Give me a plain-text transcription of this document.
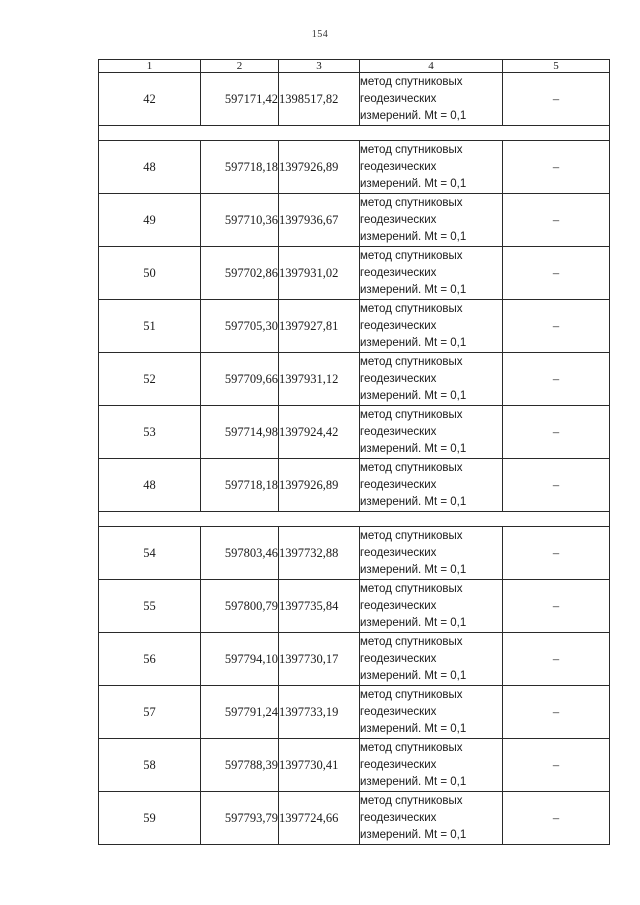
154
1	2	3	4	5
42	597171,42	1398517,82	метод спутниковых
геодезических
измерений. Mt = 0,1	–

48	597718,18	1397926,89	метод спутниковых
геодезических
измерений. Mt = 0,1	–
49	597710,36	1397936,67	метод спутниковых
геодезических
измерений. Mt = 0,1	–
50	597702,86	1397931,02	метод спутниковых
геодезических
измерений. Mt = 0,1	–
51	597705,30	1397927,81	метод спутниковых
геодезических
измерений. Mt = 0,1	–
52	597709,66	1397931,12	метод спутниковых
геодезических
измерений. Mt = 0,1	–
53	597714,98	1397924,42	метод спутниковых
геодезических
измерений. Mt = 0,1	–
48	597718,18	1397926,89	метод спутниковых
геодезических
измерений. Mt = 0,1	–

54	597803,46	1397732,88	метод спутниковых
геодезических
измерений. Mt = 0,1	–
55	597800,79	1397735,84	метод спутниковых
геодезических
измерений. Mt = 0,1	–
56	597794,10	1397730,17	метод спутниковых
геодезических
измерений. Mt = 0,1	–
57	597791,24	1397733,19	метод спутниковых
геодезических
измерений. Mt = 0,1	–
58	597788,39	1397730,41	метод спутниковых
геодезических
измерений. Mt = 0,1	–
59	597793,79	1397724,66	метод спутниковых
геодезических
измерений. Mt = 0,1	–
